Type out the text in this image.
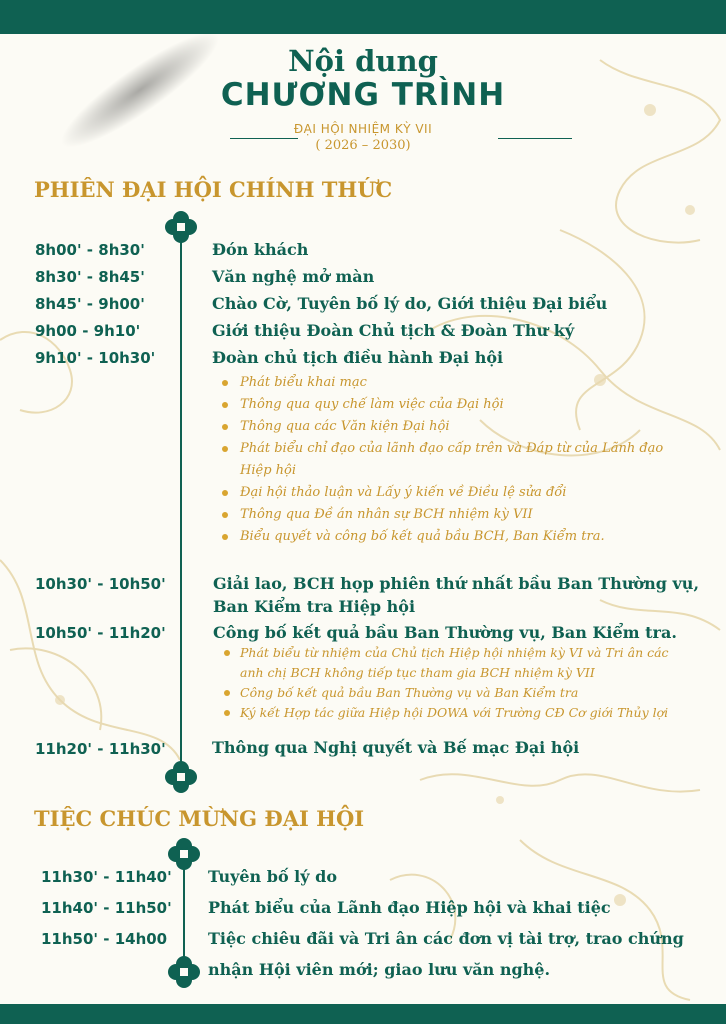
Nội dung
CHƯƠNG TRÌNH
ĐẠI HỘI NHIỆM KỲ VII
( 2026 – 2030)
PHIÊN ĐẠI HỘI CHÍNH THỨC
8h00' - 8h30'	Đón khách
8h30' - 8h45'	Văn nghệ mở màn
8h45' - 9h00'	Chào Cờ, Tuyên bố lý do, Giới thiệu Đại biểu
9h00 - 9h10'	Giới thiệu Đoàn Chủ tịch & Đoàn Thư ký
9h10' - 10h30'	Đoàn chủ tịch điều hành Đại hội
Phát biểu khai mạc
Thông qua quy chế làm việc của Đại hội
Thông qua các Văn kiện Đại hội
Phát biểu chỉ đạo của lãnh đạo cấp trên và Đáp từ của Lãnh đạo
Hiệp hội
Đại hội thảo luận và Lấy ý kiến về Điều lệ sửa đổi
Thông qua Đề án nhân sự BCH nhiệm kỳ VII
Biểu quyết và công bố kết quả bầu BCH, Ban Kiểm tra.
10h30' - 10h50'	Giải lao, BCH họp phiên thứ nhất bầu Ban Thường vụ,
Ban Kiểm tra Hiệp hội
10h50' - 11h20'	Công bố kết quả bầu Ban Thường vụ, Ban Kiểm tra.
Phát biểu từ nhiệm của Chủ tịch Hiệp hội nhiệm kỳ VI và Tri ân các
anh chị BCH không tiếp tục tham gia BCH nhiệm kỳ VII
Công bố kết quả bầu Ban Thường vụ và Ban Kiểm tra
Ký kết Hợp tác giữa Hiệp hội DOWA với Trường CĐ Cơ giới Thủy lợi
11h20' - 11h30'	Thông qua Nghị quyết và Bế mạc Đại hội
TIỆC CHÚC MỪNG ĐẠI HỘI
11h30' - 11h40' Tuyên bố lý do
11h40' - 11h50' Phát biểu của Lãnh đạo Hiệp hội và khai tiệc
11h50' - 14h00	Tiệc chiêu đãi và Tri ân các đơn vị tài trợ, trao chứng
nhận Hội viên mới; giao lưu văn nghệ.
